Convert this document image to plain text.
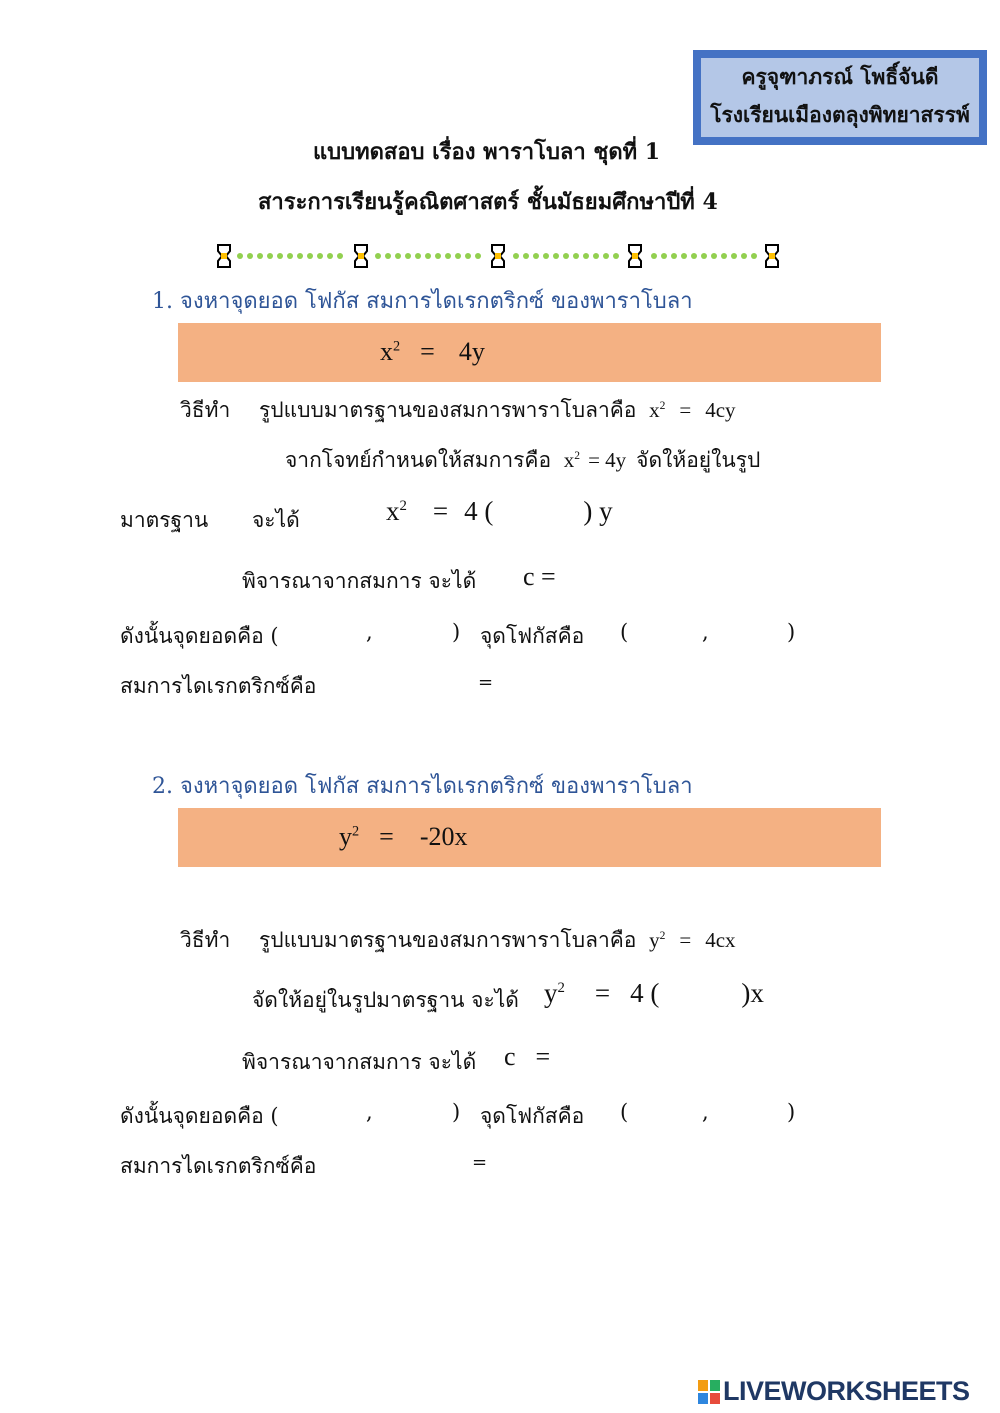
ครูจุฑาภรณ์ โพธิ์จันดี
โรงเรียนเมืองตลุงพิทยาสรรพ์
แบบทดสอบ เรื่อง พาราโบลา ชุดที่ 1
สาระการเรียนรู้คณิตศาสตร์ ชั้นมัธยมศึกษาปีที่ 4
1. จงหาจุดยอด โฟกัส สมการไดเรกตริกซ์ ของพาราโบลา
$x^2 = 4y$
วิธีทำ รูปแบบมาตรฐานของสมการพาราโบลาคือ $x^2 = 4cy$
จากโจทย์กำหนดให้สมการคือ $x^2 = 4y$ จัดให้อยู่ในรูป
มาตรฐาน จะได้	$x^2 = 4$ (	) y
พิจารณาจากสมการ จะได้ c =
ดังนั้นจุดยอดคือ (	,	) จุดโฟกัสคือ (	,	)
สมการไดเรกตริกซ์คือ	=
2. จงหาจุดยอด โฟกัส สมการไดเรกตริกซ์ ของพาราโบลา
$y^2 = -20x$
วิธีทำ รูปแบบมาตรฐานของสมการพาราโบลาคือ $y^2 = 4cx$
จัดให้อยู่ในรูปมาตรฐาน จะได้ $y^2 = 4$ (	)x
พิจารณาจากสมการ จะได้ c =
ดังนั้นจุดยอดคือ (	,	) จุดโฟกัสคือ (	,	)
สมการไดเรกตริกซ์คือ	=
LIVEWORKSHEETS
